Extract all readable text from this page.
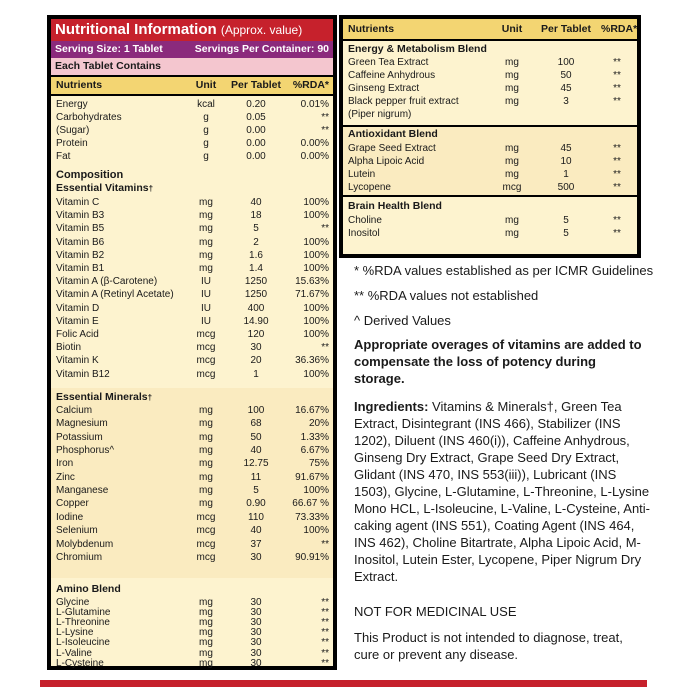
Nutritional Information (Approx. value)
Serving Size: 1 Tablet	Servings Per Container: 90
Each Tablet Contains
Nutrients	Unit Per Tablet	%RDA*
Energy	kcal	0.20	0.01%
Carbohydrates	g	0.05	**
(Sugar)	g	0.00	**
Protein	g	0.00	0.00%
Fat	g	0.00	0.00%
Composition
Essential Vitamins†
Vitamin C	mg	40	100%
Vitamin B3	mg	18	100%
Vitamin B5	mg	5	**
Vitamin B6	mg	2	100%
Vitamin B2	mg	1.6	100%
Vitamin B1	mg	1.4	100%
Vitamin A (β-Carotene)	IU	1250	15.63%
Vitamin A (Retinyl Acetate)	IU	1250	71.67%
Vitamin D	IU	400	100%
Vitamin E	IU	14.90	100%
Folic Acid	mcg	120	100%
Biotin	mcg	30	**
Vitamin K	mcg	20	36.36%
Vitamin B12	mcg	1	100%
Essential Minerals†
Calcium	mg	100	16.67%
Magnesium	mg	68	20%
Potassium	mg	50	1.33%
Phosphorus^	mg	40	6.67%
Iron	mg	12.75	75%
Zinc	mg	11	91.67%
Manganese	mg	5	100%
Copper	mg	0.90	66.67 %
Iodine	mcg	110	73.33%
Selenium	mcg	40	100%
Molybdenum	mcg	37	**
Chromium	mcg	30	90.91%
Amino Blend
Glycine	mg	30	**
L-Glutamine	mg	30	**
L-Threonine	mg	30	**
L-Lysine	mg	30	**
L-Isoleucine	mg	30	**
L-Valine	mg	30	**
L-Cysteine	mg	30	**
Nutrients	Unit	Per Tablet %RDA*
Energy & Metabolism Blend
Green Tea Extract	mg	100	**
Caffeine Anhydrous	mg	50	**
Ginseng Extract	mg	45	**
Black pepper fruit extract	mg	3	**
(Piper nigrum)
Antioxidant Blend
Grape Seed Extract	mg	45	**
Alpha Lipoic Acid	mg	10	**
Lutein	mg	1	**
Lycopene	mcg	500	**
Brain Health Blend
Choline	mg	5	**
Inositol	mg	5	**

* %RDA values established as per ICMR Guidelines

** %RDA values not established

^ Derived Values

Appropriate overages of vitamins are added to compensate the loss of potency during storage.

Ingredients: Vitamins & Minerals†, Green Tea Extract, Disintegrant (INS 466), Stabilizer (INS 1202), Diluent (INS 460(i)), Caffeine Anhydrous, Ginseng Dry Extract, Grape Seed Dry Extract, Glidant (INS 470, INS 553(iii)), Lubricant (INS 1503), Glycine, L-Glutamine, L-Threonine, L-Lysine Mono HCL, L-Isoleucine, L-Valine, L-Cysteine, Anti-caking agent (INS 551), Coating Agent (INS 464, INS 462), Choline Bitartrate, Alpha Lipoic Acid, M- Inositol, Lutein Ester, Lycopene, Piper Nigrum Dry Extract.

NOT FOR MEDICINAL USE

This Product is not intended to diagnose, treat, cure or prevent any disease.
